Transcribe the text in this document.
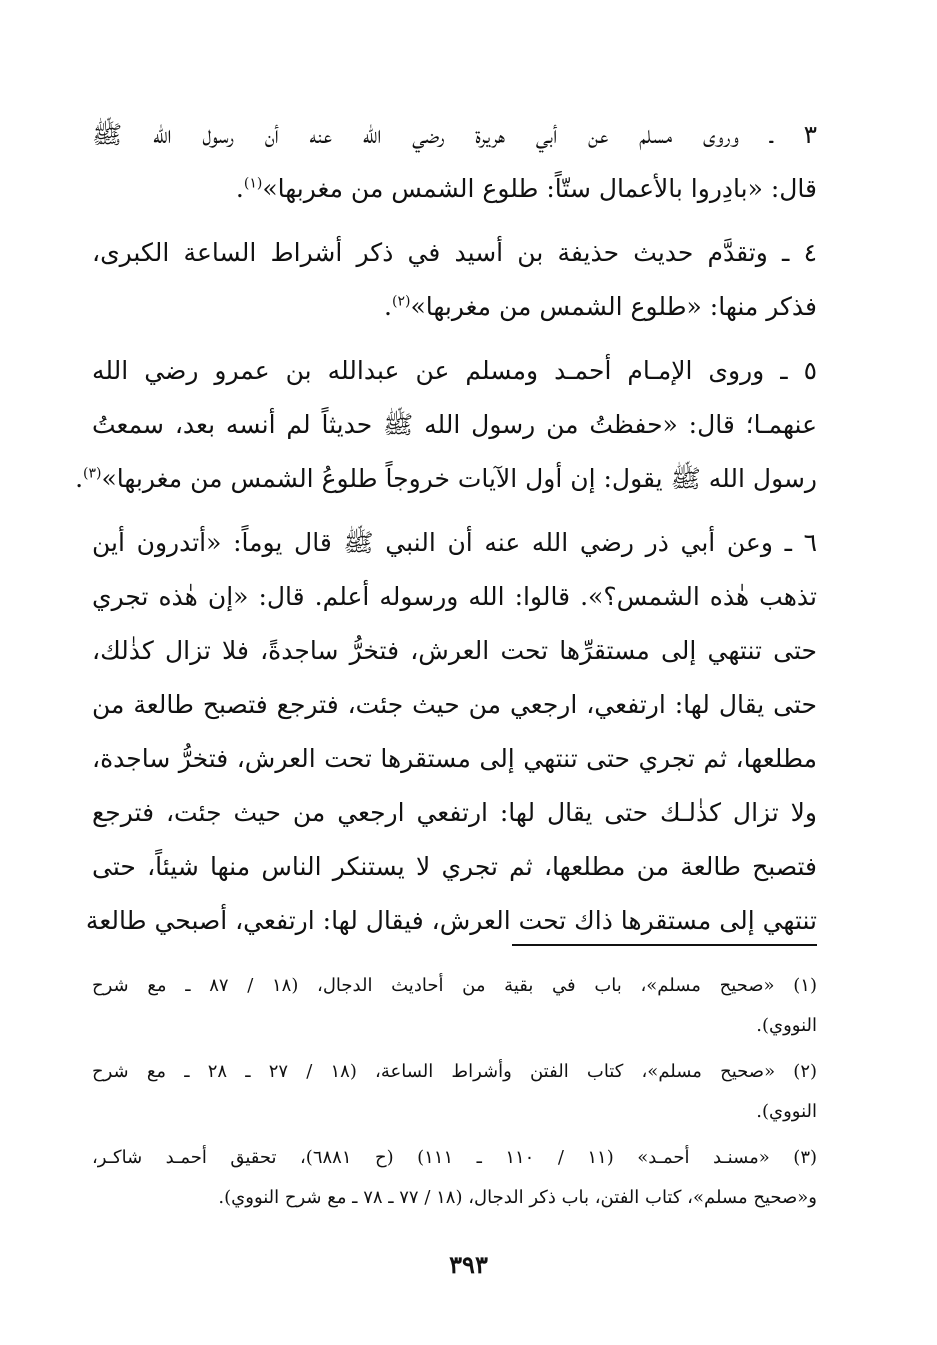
٣ ـ وروى مسلم عن أبي هريرة رضي الله عنه أن رسول الله ﷺ
قال: «بادِروا بالأعمال ستّاً: طلوع الشمس من مغربها»$^{(١)}$.
٤ ـ وتقدَّم حديث حذيفة بن أسيد في ذكر أشراط الساعة الكبرى،
فذكر منها: «طلوع الشمس من مغربها»$^{(٢)}$.
٥ ـ وروى الإمـام أحمـد ومسلم عن عبدالله بن عمرو رضي الله
عنهمـا؛ قال: «حفظتُ من رسول الله ﷺ حديثاً لم أنسه بعد، سمعتُ
رسول الله ﷺ يقول: إن أول الآيات خروجاً طلوعُ الشمس من مغربها»$^{(٣)}$.
٦ ـ وعن أبي ذر رضي الله عنه أن النبي ﷺ قال يوماً: «أتدرون أين
تذهب هٰذه الشمس؟». قالوا: الله ورسوله أعلم. قال: «إن هٰذه تجري
حتى تنتهي إلى مستقرِّها تحت العرش، فتخرُّ ساجدةً، فلا تزال كذٰلك،
حتى يقال لها: ارتفعي، ارجعي من حيث جئت، فترجع فتصبح طالعة من
مطلعها، ثم تجري حتى تنتهي إلى مستقرها تحت العرش، فتخرُّ ساجدة،
ولا تزال كذٰلـك حتى يقال لها: ارتفعي ارجعي من حيث جئت، فترجع
فتصبح طالعة من مطلعها، ثم تجري لا يستنكر الناس منها شيئاً، حتى
تنتهي إلى مستقرها ذاك تحت العرش، فيقال لها: ارتفعي، أصبحي طالعة
(١) «صحيح مسلم»، باب في بقية من أحاديث الدجال، (١٨ / ٨٧ ـ مع شرح
النووي).
(٢) «صحيح مسلم»، كتاب الفتن وأشراط الساعة، (١٨ / ٢٧ ـ ٢٨ ـ مع شرح
النووي).
(٣) «مسنـد أحمـد» (١١ / ١١٠ ـ ١١١) (ح ٦٨٨١)، تحقيق أحمـد شاكـر،
و«صحيح مسلم»، كتاب الفتن، باب ذكر الدجال، (١٨ / ٧٧ ـ ٧٨ ـ مع شرح النووي).
٣٩٣
